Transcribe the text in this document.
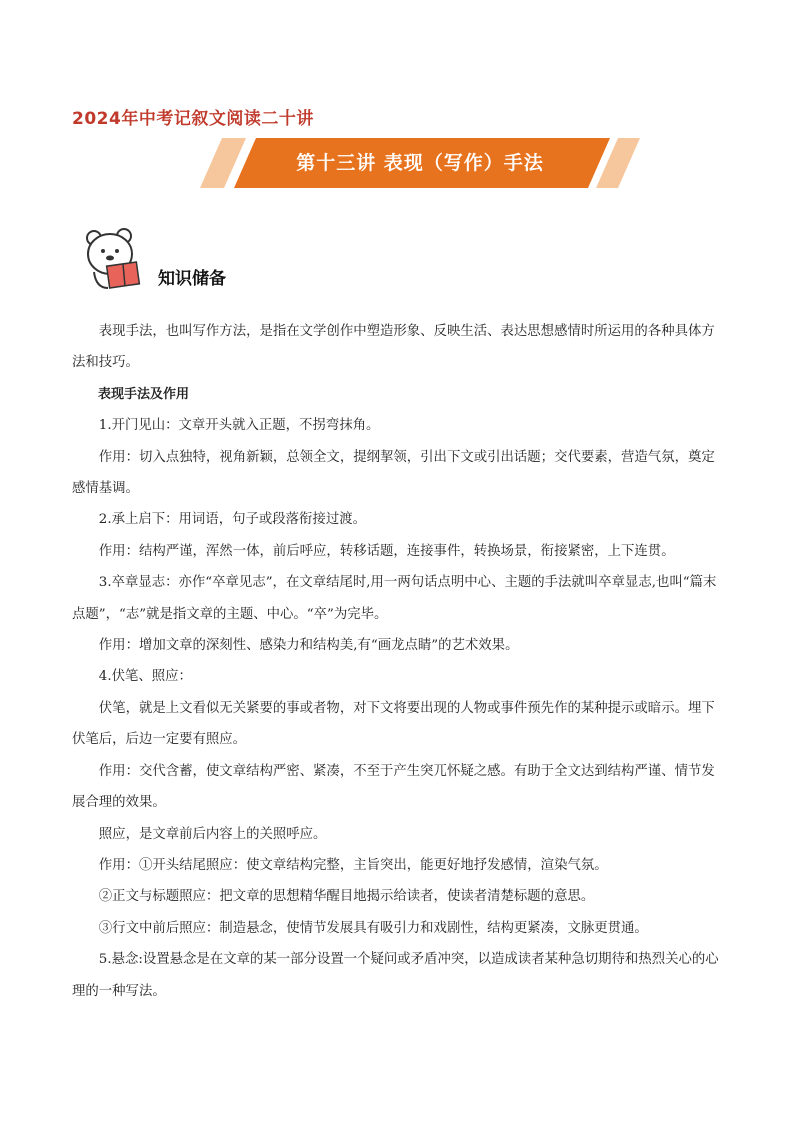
2024年中考记叙文阅读二十讲
第十三讲 表现（写作）手法
知识储备

表现手法，也叫写作方法，是指在文学创作中塑造形象、反映生活、表达思想感情时所运用的各种具体方法和技巧。

表现手法及作用

1.开门见山：文章开头就入正题，不拐弯抹角。

作用：切入点独特，视角新颖，总领全文，提纲挈领，引出下文或引出话题；交代要素，营造气氛，奠定感情基调。

2.承上启下：用词语，句子或段落衔接过渡。

作用：结构严谨，浑然一体，前后呼应，转移话题，连接事件，转换场景，衔接紧密，上下连贯。

3.卒章显志：亦作“卒章见志”，在文章结尾时,用一两句话点明中心、主题的手法就叫卒章显志,也叫“篇末点题”，“志”就是指文章的主题、中心。“卒”为完毕。

作用：增加文章的深刻性、感染力和结构美,有“画龙点睛”的艺术效果。

4.伏笔、照应：

伏笔，就是上文看似无关紧要的事或者物，对下文将要出现的人物或事件预先作的某种提示或暗示。埋下伏笔后，后边一定要有照应。

作用：交代含蓄，使文章结构严密、紧凑，不至于产生突兀怀疑之感。有助于全文达到结构严谨、情节发展合理的效果。

照应，是文章前后内容上的关照呼应。

作用：①开头结尾照应：使文章结构完整，主旨突出，能更好地抒发感情，渲染气氛。

②正文与标题照应：把文章的思想精华醒目地揭示给读者，使读者清楚标题的意思。

③行文中前后照应：制造悬念，使情节发展具有吸引力和戏剧性，结构更紧凑，文脉更贯通。

5.悬念:设置悬念是在文章的某一部分设置一个疑问或矛盾冲突，以造成读者某种急切期待和热烈关心的心理的一种写法。
